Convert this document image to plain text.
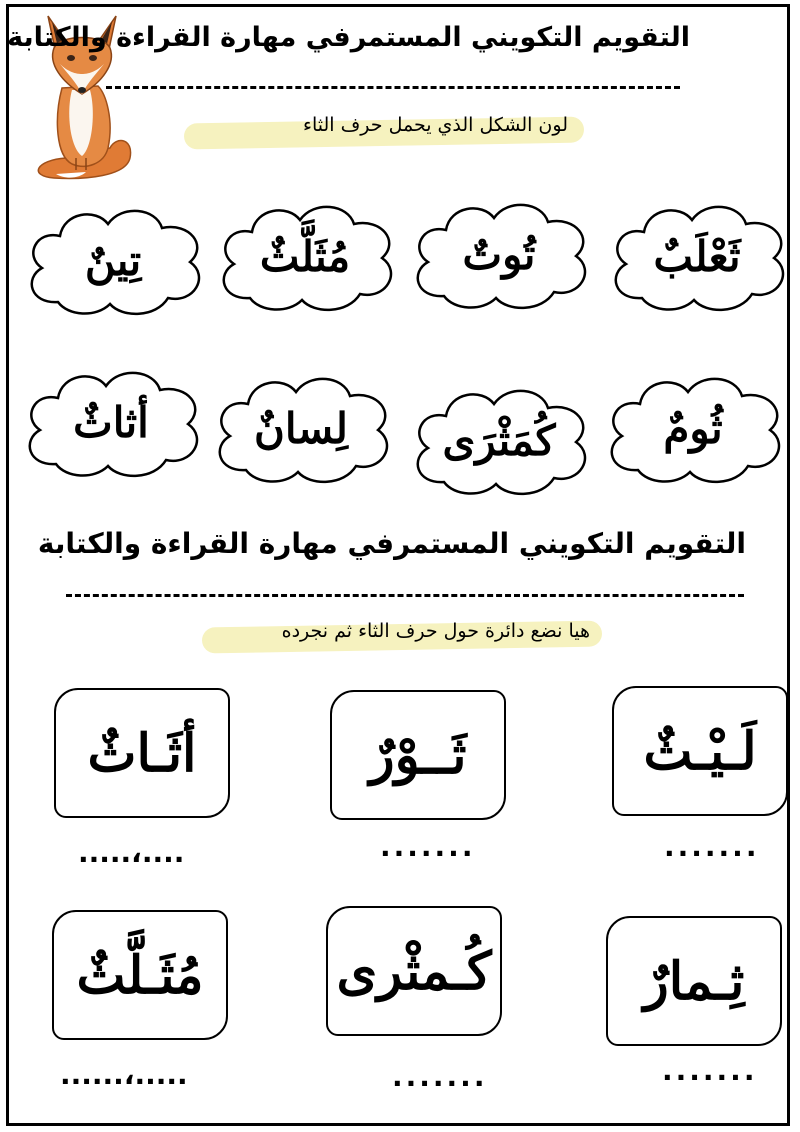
التقويم التكويني المستمرفي مهارة القراءة والكتابة
لون الشكل الذي يحمل حرف الثاء
ثَعْلَبٌ
تُوتٌ
مُثَلَّثٌ
تِينٌ
ثُومٌ
كُمَثْرَى
لِسانٌ
أثاثٌ
التقويم التكويني المستمرفي مهارة القراءة والكتابة
هيا نضع دائرة حول حرف الثاء ثم نجرده
لَـيْـثٌ
ثَــوْرٌ
أثَـاثٌ
.......
.......
....،.....
ثِـمارٌ
كُـمثْرى
مُثَـلَّثٌ
.......
.......
.....،......
